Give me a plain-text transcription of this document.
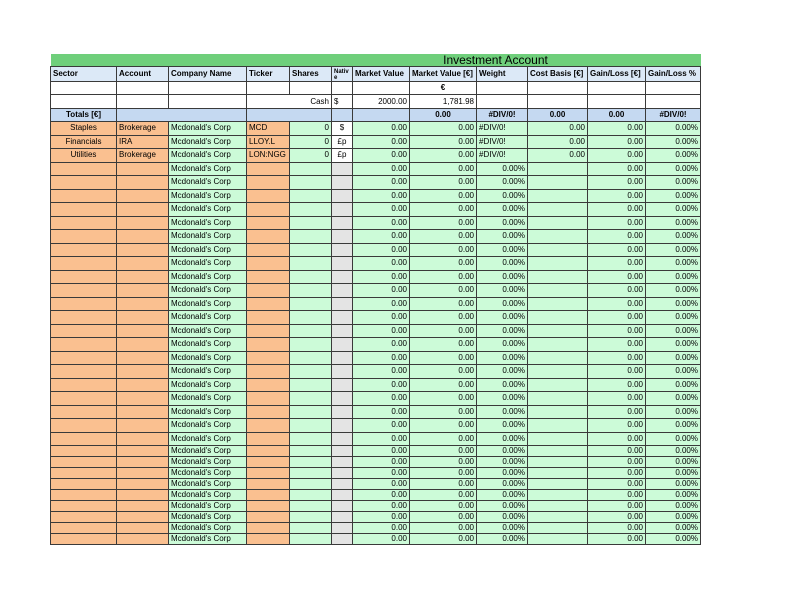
Investment Account											
Sector	Account	Company Name	Ticker	Shares	Native	Market Value	Market Value [€]	Weight	Cost Basis [€]	Gain/Loss [€]	Gain/Loss %
							€				
			Cash		$	2000.00	1,781.98				
Totals [€]							0.00	#DIV/0!	0.00	0.00	#DIV/0!
Staples	Brokerage	Mcdonald's Corp	MCD	0	$	0.00	0.00	#DIV/0!	0.00	0.00	0.00%
Financials	IRA	Mcdonald's Corp	LLOY.L	0	£p	0.00	0.00	#DIV/0!	0.00	0.00	0.00%
Utilities	Brokerage	Mcdonald's Corp	LON:NGG	0	£p	0.00	0.00	#DIV/0!	0.00	0.00	0.00%
		Mcdonald's Corp				0.00	0.00	0.00%		0.00	0.00%
		Mcdonald's Corp				0.00	0.00	0.00%		0.00	0.00%
		Mcdonald's Corp				0.00	0.00	0.00%		0.00	0.00%
		Mcdonald's Corp				0.00	0.00	0.00%		0.00	0.00%
		Mcdonald's Corp				0.00	0.00	0.00%		0.00	0.00%
		Mcdonald's Corp				0.00	0.00	0.00%		0.00	0.00%
		Mcdonald's Corp				0.00	0.00	0.00%		0.00	0.00%
		Mcdonald's Corp				0.00	0.00	0.00%		0.00	0.00%
		Mcdonald's Corp				0.00	0.00	0.00%		0.00	0.00%
		Mcdonald's Corp				0.00	0.00	0.00%		0.00	0.00%
		Mcdonald's Corp				0.00	0.00	0.00%		0.00	0.00%
		Mcdonald's Corp				0.00	0.00	0.00%		0.00	0.00%
		Mcdonald's Corp				0.00	0.00	0.00%		0.00	0.00%
		Mcdonald's Corp				0.00	0.00	0.00%		0.00	0.00%
		Mcdonald's Corp				0.00	0.00	0.00%		0.00	0.00%
		Mcdonald's Corp				0.00	0.00	0.00%		0.00	0.00%
		Mcdonald's Corp				0.00	0.00	0.00%		0.00	0.00%
		Mcdonald's Corp				0.00	0.00	0.00%		0.00	0.00%
		Mcdonald's Corp				0.00	0.00	0.00%		0.00	0.00%
		Mcdonald's Corp				0.00	0.00	0.00%		0.00	0.00%
		Mcdonald's Corp				0.00	0.00	0.00%		0.00	0.00%
		Mcdonald's Corp				0.00	0.00	0.00%		0.00	0.00%
		Mcdonald's Corp				0.00	0.00	0.00%		0.00	0.00%
		Mcdonald's Corp				0.00	0.00	0.00%		0.00	0.00%
		Mcdonald's Corp				0.00	0.00	0.00%		0.00	0.00%
		Mcdonald's Corp				0.00	0.00	0.00%		0.00	0.00%
		Mcdonald's Corp				0.00	0.00	0.00%		0.00	0.00%
		Mcdonald's Corp				0.00	0.00	0.00%		0.00	0.00%
		Mcdonald's Corp				0.00	0.00	0.00%		0.00	0.00%
		Mcdonald's Corp				0.00	0.00	0.00%		0.00	0.00%
